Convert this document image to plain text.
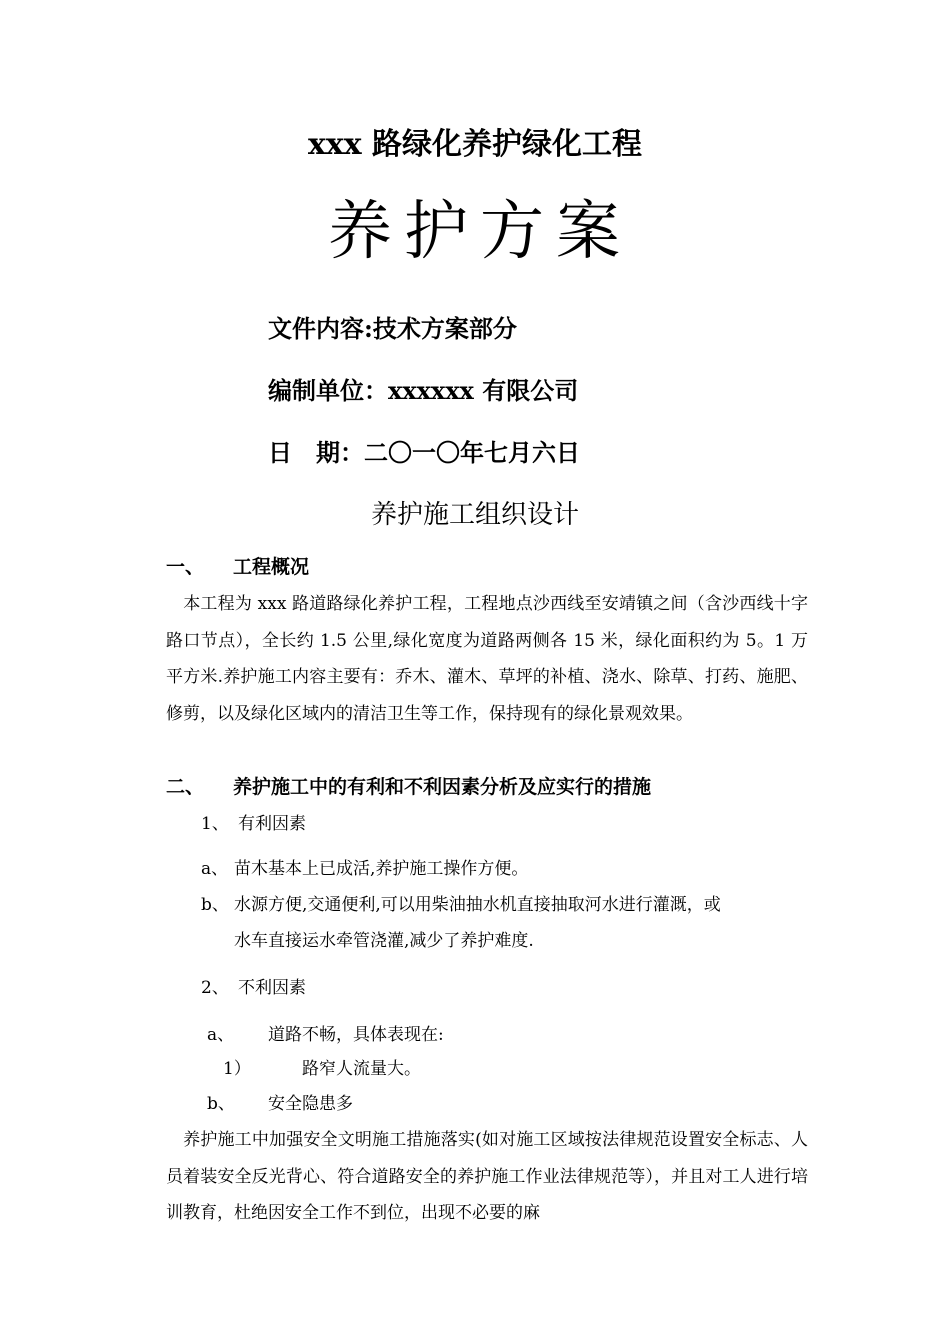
xxx 路绿化养护绿化工程
养护方案
文件内容:技术方案部分
编制单位：xxxxxx 有限公司
日　期：二〇一〇年七月六日
养护施工组织设计
一、 工程概况
　本工程为 xxx 路道路绿化养护工程，工程地点沙西线至安靖镇之间（含沙西线十字路口节点），全长约 1.5 公里,绿化宽度为道路两侧各 15 米，绿化面积约为 5。1 万平方米.养护施工内容主要有：乔木、灌木、草坪的补植、浇水、除草、打药、施肥、修剪，以及绿化区域内的清洁卫生等工作，保持现有的绿化景观效果。
二、 养护施工中的有利和不利因素分析及应实行的措施
1、 有利因素
a、 苗木基本上已成活,养护施工操作方便。
b、 水源方便,交通便利,可以用柴油抽水机直接抽取河水进行灌溉，或
水车直接运水牵管浇灌,减少了养护难度.
2、 不利因素
a、 道路不畅，具体表现在:
1）	路窄人流量大。
b、 安全隐患多
　养护施工中加强安全文明施工措施落实(如对施工区域按法律规范设置安全标志、人员着装安全反光背心、符合道路安全的养护施工作业法律规范等），并且对工人进行培训教育，杜绝因安全工作不到位，出现不必要的麻
